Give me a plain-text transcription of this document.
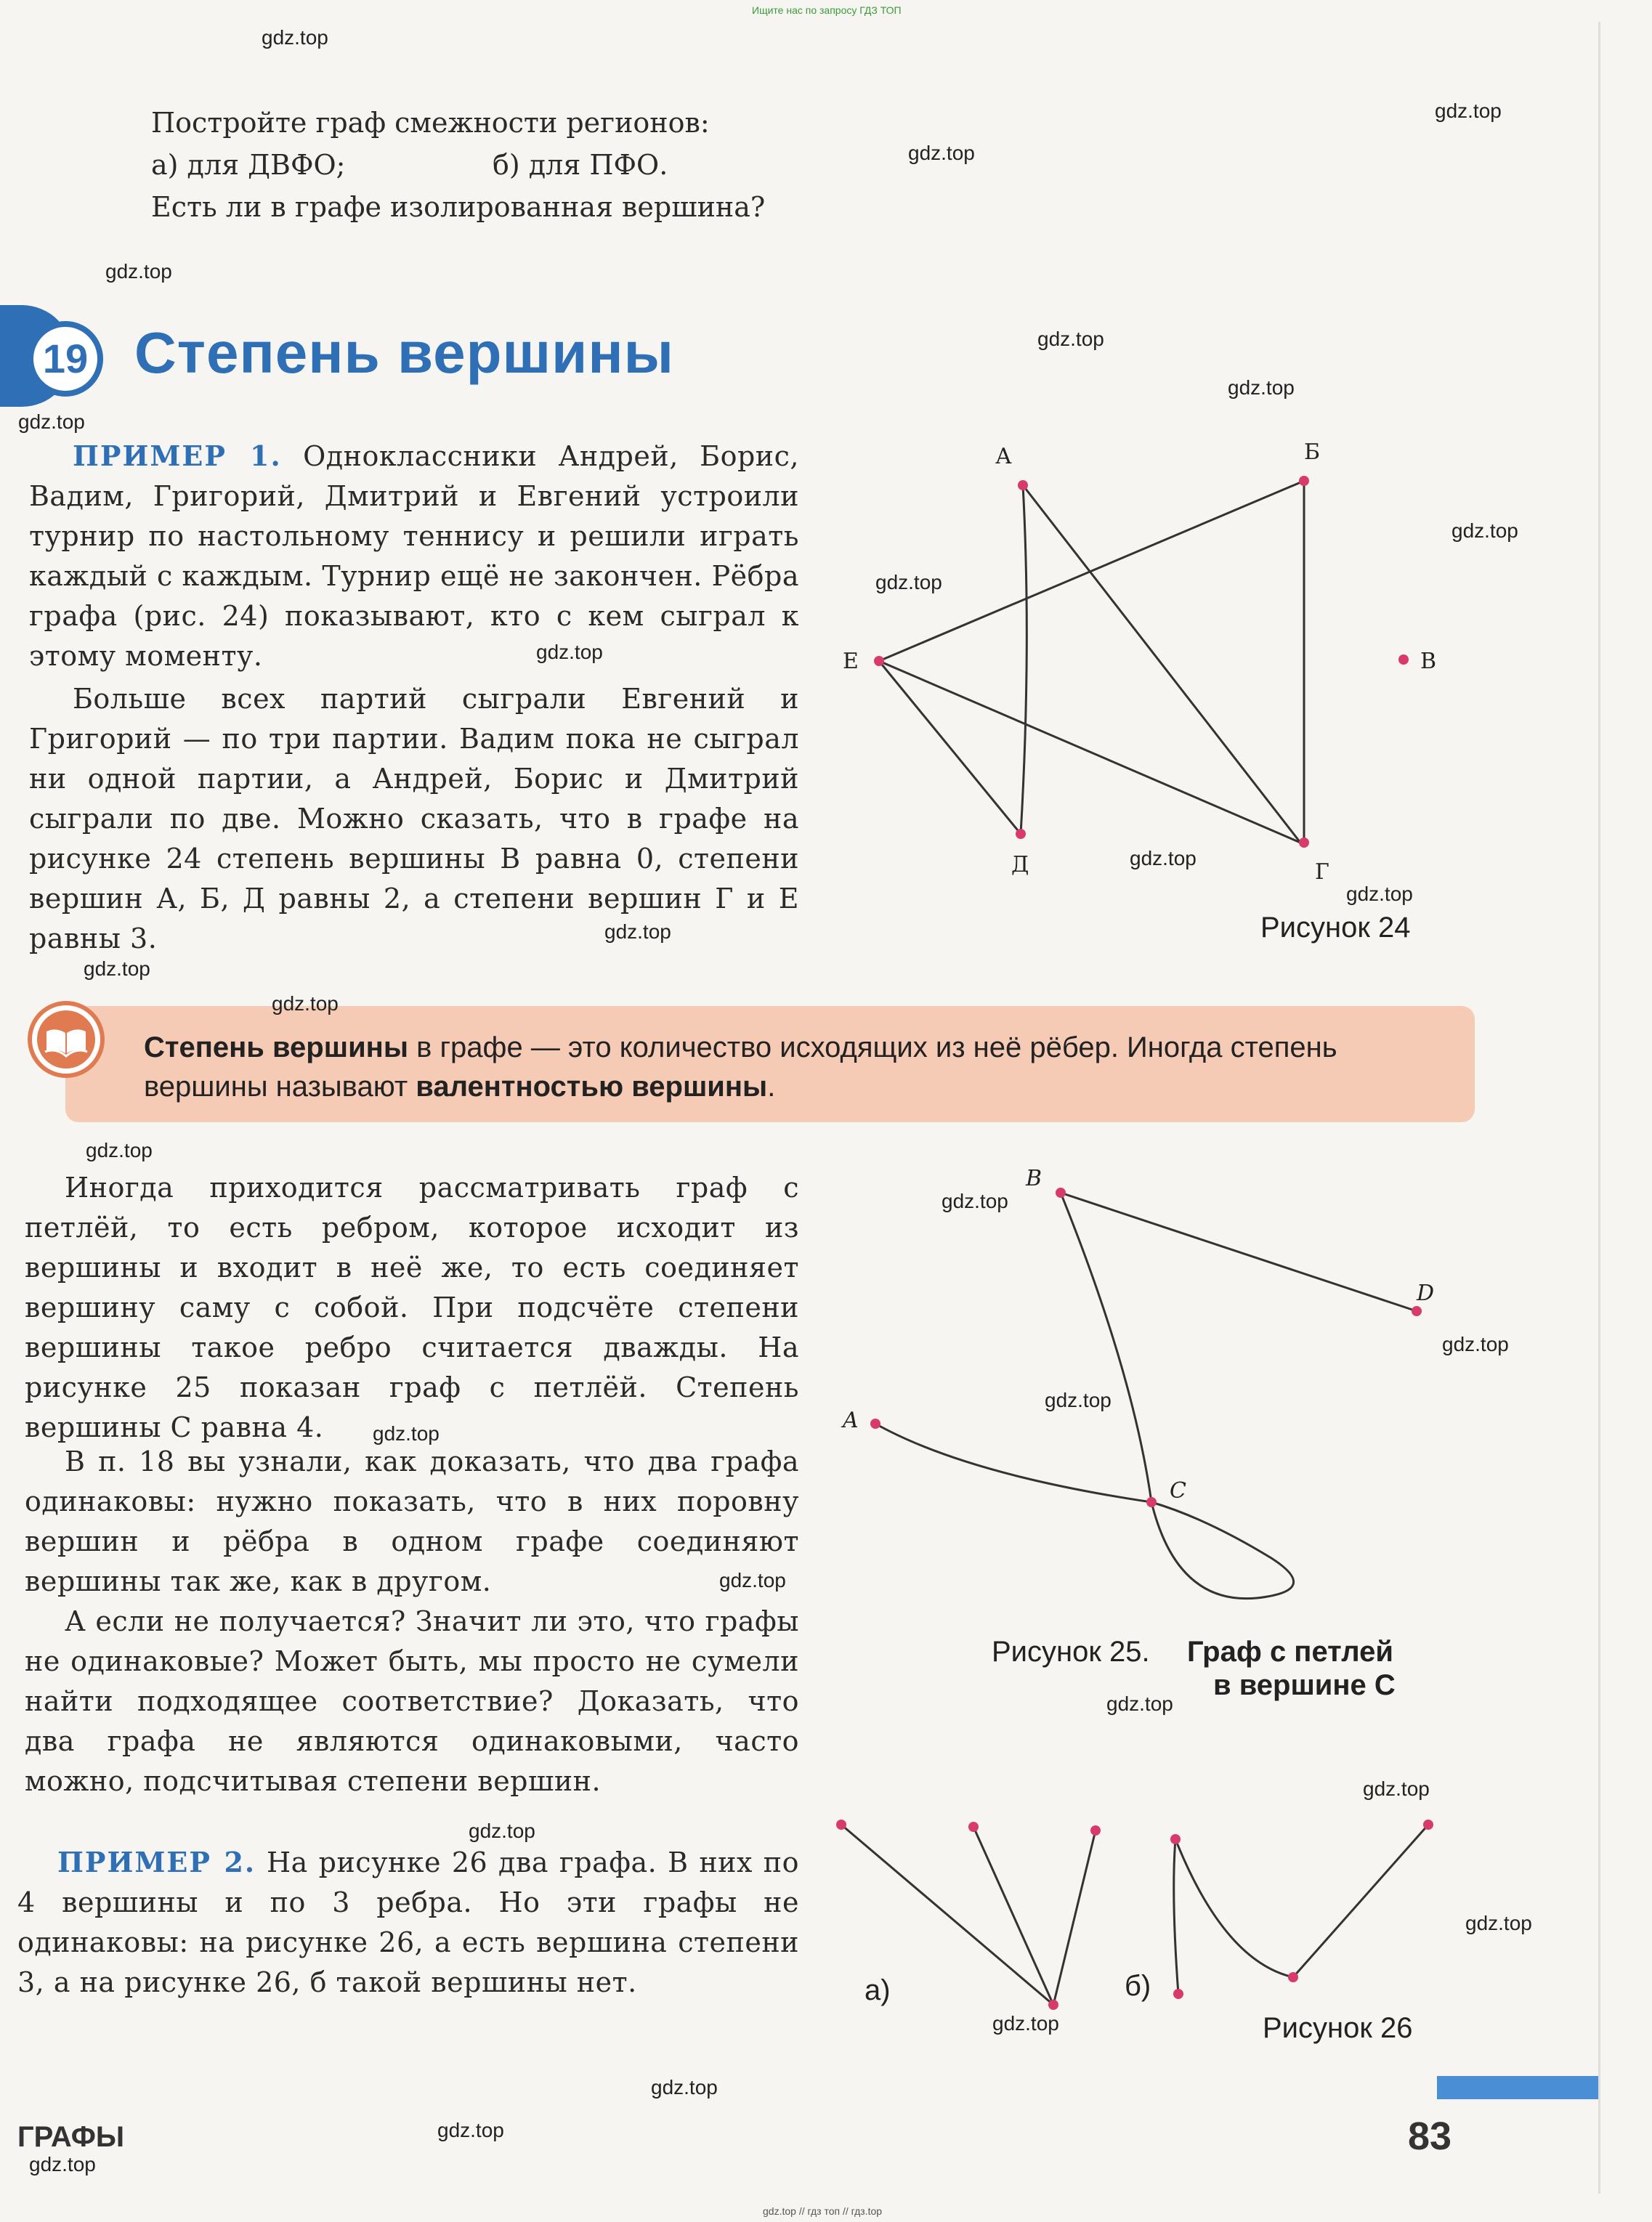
Ищите нас по запросу ГДЗ ТОП
gdz.top // гдз топ // гдз.top
Постройте граф смежности регионов:
а) для ДВФО;	б) для ПФО.
Есть ли в графе изолированная вершина?
19 Степень вершины
ПРИМЕР 1. Одноклассники Андрей, Борис, Вадим, Григорий, Дмитрий и Евгений устроили турнир по настольному теннису и решили играть каждый с каждым. Турнир ещё не закончен. Рёбра графа (рис. 24) показывают, кто с кем сыграл к этому моменту.
Больше всех партий сыграли Евгений и Григорий — по три партии. Вадим пока не сыграл ни одной партии, а Андрей, Борис и Дмитрий сыграли по две. Можно сказать, что в графе на рисунке 24 степень вершины В равна 0, степени вершин А, Б, Д равны 2, а степени вершин Г и Е равны 3.
А	Б
В
Г
Д
Е
Рисунок 24
Степень вершины в графе — это количество исходящих из неё рёбер. Иногда степень вершины называют валентностью вершины.
Иногда приходится рассматривать граф с петлёй, то есть ребром, которое исходит из вершины и входит в неё же, то есть соединяет вершину саму с собой. При подсчёте степени вершины такое ребро считается дважды. На рисунке 25 показан граф с петлёй. Степень вершины C равна 4.
В п. 18 вы узнали, как доказать, что два графа одинаковы: нужно показать, что в них поровну вершин и рёбра в одном графе соединяют вершины так же, как в другом.
А если не получается? Значит ли это, что графы не одинаковые? Может быть, мы просто не сумели найти подходящее соответствие? Доказать, что два графа не являются одинаковыми, часто можно, подсчитывая степени вершин.
ПРИМЕР 2. На рисунке 26 два графа. В них по 4 вершины и по 3 ребра. Но эти графы не одинаковы: на рисунке 26, а есть вершина степени 3, а на рисунке 26, б такой вершины нет.
A
B
C
D
Рисунок 25. Граф с петлей
в вершине C
а)	б)
Рисунок 26
ГРАФЫ	83
gdz.top
gdz.top
gdz.top
gdz.top
gdz.top
gdz.top
gdz.top
gdz.top
gdz.top
gdz.top
gdz.top
gdz.top
gdz.top
gdz.top
gdz.top
gdz.top
gdz.top
gdz.top
gdz.top
gdz.top
gdz.top
gdz.top
gdz.top
gdz.top
gdz.top
gdz.top
gdz.top
gdz.top
gdz.top
